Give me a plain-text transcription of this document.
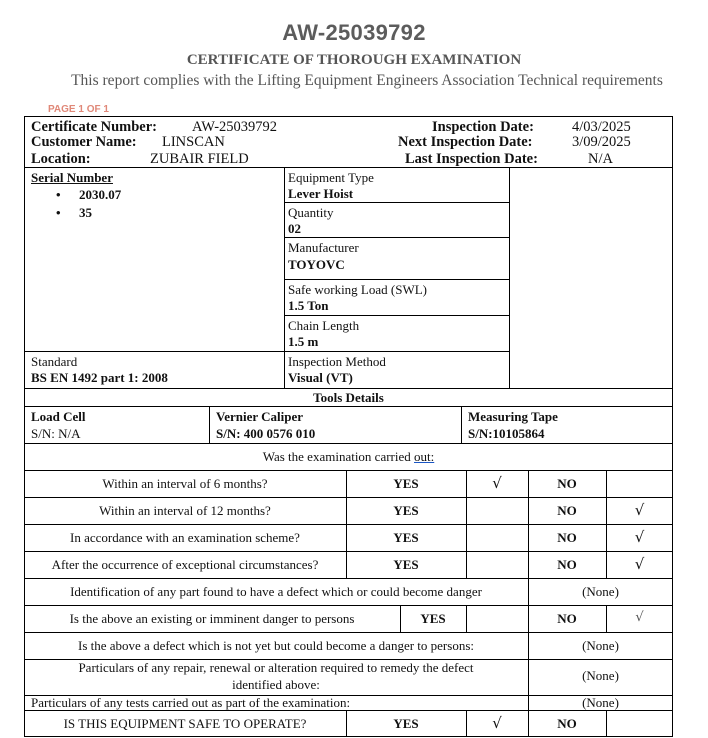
AW-25039792
CERTIFICATE OF THOROUGH EXAMINATION
This report complies with the Lifting Equipment Engineers Association Technical requirements
PAGE 1 OF 1
Certificate Number: AW-25039792
Customer Name: LINSCAN
Location:	ZUBAIR FIELD
Inspection Date:	4/03/2025
Next Inspection Date:	3/09/2025
Last Inspection Date:	N/A
Serial Number
• 2030.07
• 35
Equipment Type
Lever Hoist
Quantity
02
Manufacturer
TOYOVC
Safe working Load (SWL)
1.5 Ton
Chain Length
1.5 m
Standard
BS EN 1492 part 1: 2008
Inspection Method
Visual (VT)
Tools Details
Load Cell
S/N: N/A
Vernier Caliper
S/N: 400 0576 010
Measuring Tape
S/N:10105864
Was the examination carried out:
Within an interval of 6 months?	YES	√	NO
Within an interval of 12 months?	YES	NO	√
In accordance with an examination scheme?	YES	NO	√
After the occurrence of exceptional circumstances?	YES	NO	√
Identification of any part found to have a defect which or could become danger	(None)
Is the above an existing or imminent danger to persons	YES	NO	√
Is the above a defect which is not yet but could become a danger to persons:	(None)
Particulars of any repair, renewal or alteration required to remedy the defect
identified above:
(None)
Particulars of any tests carried out as part of the examination:	(None)
IS THIS EQUIPMENT SAFE TO OPERATE?	YES	√	NO
